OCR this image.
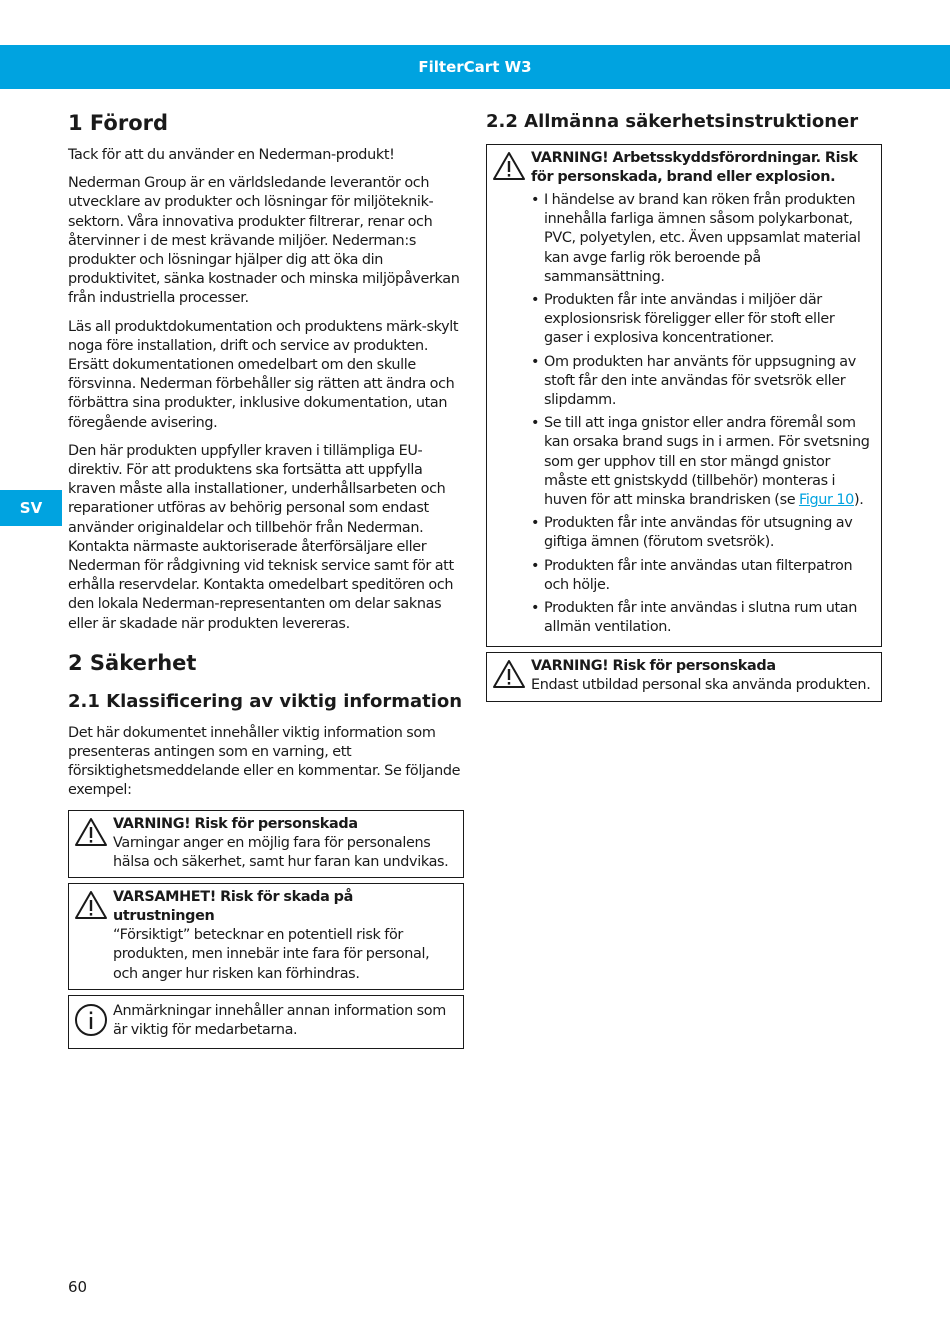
FilterCart W3
SV
1 Förord

Tack för att du använder en Nederman-produkt!

Nederman Group är en världsledande leverantör och utvecklare av produkter och lösningar för miljöteknik-sektorn. Våra innovativa produkter filtrerar, renar och återvinner i de mest krävande miljöer. Nederman:s produkter och lösningar hjälper dig att öka din produktivitet, sänka kostnader och minska miljöpåverkan från industriella processer.

Läs all produktdokumentation och produktens märk-skylt noga före installation, drift och service av produkten. Ersätt dokumentationen omedelbart om den skulle försvinna. Nederman förbehåller sig rätten att ändra och förbättra sina produkter, inklusive dokumentation, utan föregående avisering.

Den här produkten uppfyller kraven i tillämpliga EU-direktiv. För att produktens ska fortsätta att uppfylla kraven måste alla installationer, underhållsarbeten och reparationer utföras av behörig personal som endast använder originaldelar och tillbehör från Nederman. Kontakta närmaste auktoriserade återförsäljare eller Nederman för rådgivning vid teknisk service samt för att erhålla reservdelar. Kontakta omedelbart speditören och den lokala Nederman-representanten om delar saknas eller är skadade när produkten levereras.

2 Säkerhet
2.1 Klassificering av viktig information

Det här dokumentet innehåller viktig information som presenteras antingen som en varning, ett försiktighetsmeddelande eller en kommentar. Se följande exempel:

VARNING! Risk för personskada
Varningar anger en möjlig fara för personalens hälsa och säkerhet, samt hur faran kan undvikas.
VARSAMHET! Risk för skada på utrustningen
“Försiktigt” betecknar en potentiell risk för produkten, men innebär inte fara för personal, och anger hur risken kan förhindras.
Anmärkningar innehåller annan information som är viktig för medarbetarna.
2.2 Allmänna säkerhetsinstruktioner
VARNING! Arbetsskyddsförordningar. Risk för personskada, brand eller explosion.
• I händelse av brand kan röken från produkten innehålla farliga ämnen såsom polykarbonat, PVC, polyetylen, etc. Även uppsamlat material kan avge farlig rök beroende på sammansättning.
• Produkten får inte användas i miljöer där explosionsrisk föreligger eller för stoft eller gaser i explosiva koncentrationer.
• Om produkten har använts för uppsugning av stoft får den inte användas för svetsrök eller slipdamm.
• Se till att inga gnistor eller andra föremål som kan orsaka brand sugs in i armen. För svetsning som ger upphov till en stor mängd gnistor måste ett gnistskydd (tillbehör) monteras i huven för att minska brandrisken (se Figur 10).
• Produkten får inte användas för utsugning av giftiga ämnen (förutom svetsrök).
• Produkten får inte användas utan filterpatron och hölje.
• Produkten får inte användas i slutna rum utan allmän ventilation.
VARNING! Risk för personskada
Endast utbildad personal ska använda produkten.
60
